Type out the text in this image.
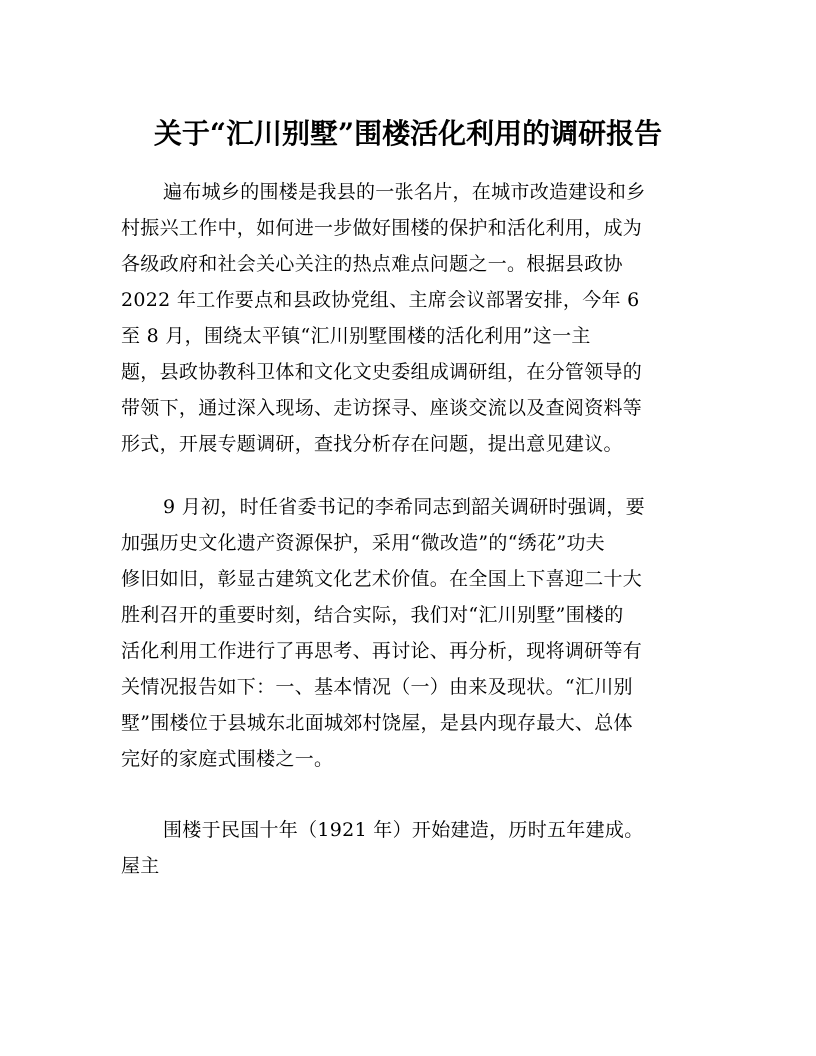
关于“汇川别墅”围楼活化利用的调研报告
遍布城乡的围楼是我县的一张名片，在城市改造建设和乡
村振兴工作中，如何进一步做好围楼的保护和活化利用，成为
各级政府和社会关心关注的热点难点问题之一。根据县政协
2022 年工作要点和县政协党组、主席会议部署安排，今年 6
至 8 月，围绕太平镇“汇川别墅围楼的活化利用”这一主
题，县政协教科卫体和文化文史委组成调研组，在分管领导的
带领下，通过深入现场、走访探寻、座谈交流以及查阅资料等
形式，开展专题调研，查找分析存在问题，提出意见建议。
9 月初，时任省委书记的李希同志到韶关调研时强调，要
加强历史文化遗产资源保护，采用“微改造”的“绣花”功夫
修旧如旧，彰显古建筑文化艺术价值。在全国上下喜迎二十大
胜利召开的重要时刻，结合实际，我们对“汇川别墅”围楼的
活化利用工作进行了再思考、再讨论、再分析，现将调研等有
关情况报告如下：一、基本情况（一）由来及现状。“汇川别
墅”围楼位于县城东北面城郊村饶屋，是县内现存最大、总体
完好的家庭式围楼之一。
围楼于民国十年（1921 年）开始建造，历时五年建成。
屋主
